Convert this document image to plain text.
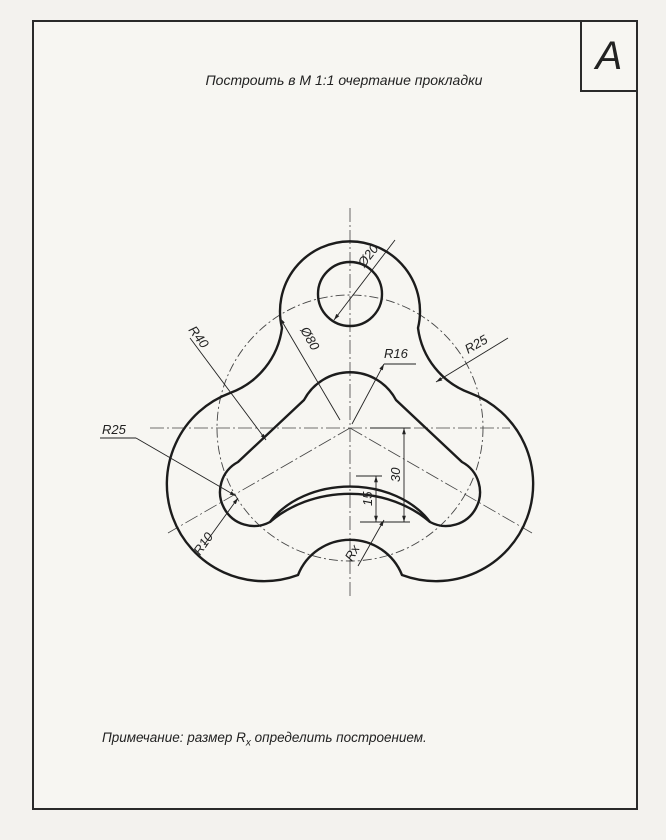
A
Построить в М 1:1 очертание прокладки
Примечание: размер $R_x$ определить построением.
Ø20
Ø80
R40
R16	R25
R25
R10	Rx
30
15
